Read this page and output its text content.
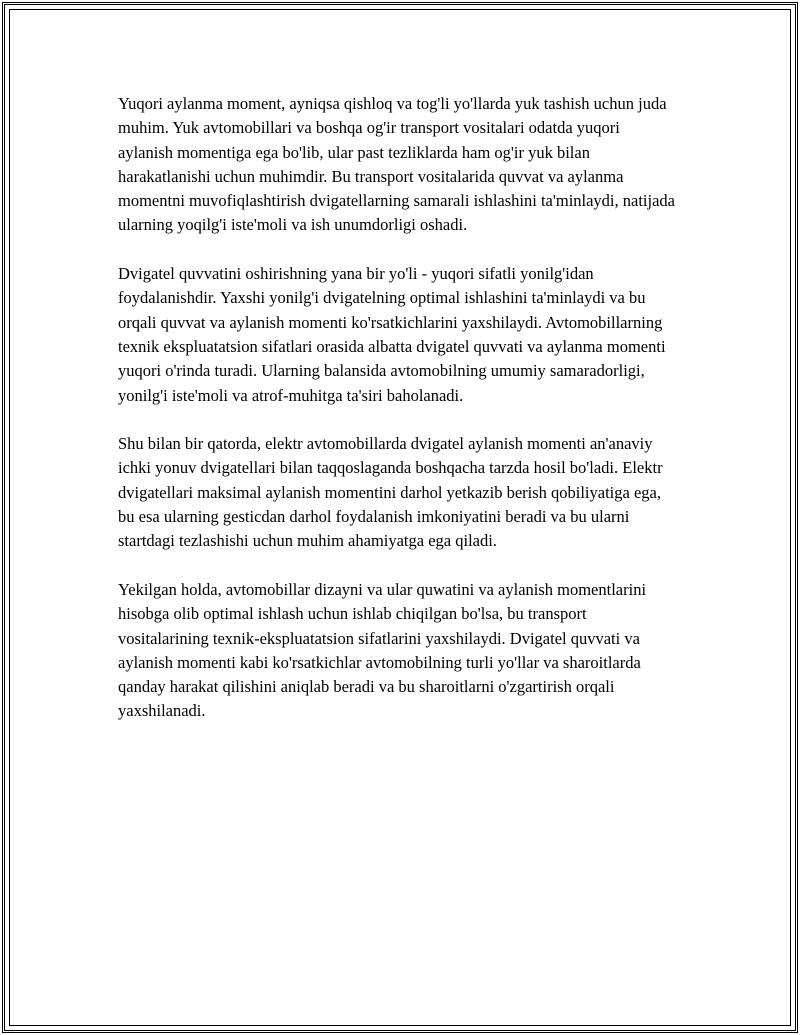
Yuqori aylanma moment, ayniqsa qishloq va tog'li yo'llarda yuk tashish uchun juda muhim. Yuk avtomobillari va boshqa og'ir transport vositalari odatda yuqori aylanish momentiga ega bo'lib, ular past tezliklarda ham og'ir yuk bilan harakatlanishi uchun muhimdir. Bu transport vositalarida quvvat va aylanma momentni muvofiqlashtirish dvigatellarning samarali ishlashini ta'minlaydi, natijada ularning yoqilg'i iste'moli va ish unumdorligi oshadi.

Dvigatel quvvatini oshirishning yana bir yo'li - yuqori sifatli yonilg'idan foydalanishdir. Yaxshi yonilg'i dvigatelning optimal ishlashini ta'minlaydi va bu orqali quvvat va aylanish momenti ko'rsatkichlarini yaxshilaydi. Avtomobillarning texnik ekspluatatsion sifatlari orasida albatta dvigatel quvvati va aylanma momenti yuqori o'rinda turadi. Ularning balansida avtomobilning umumiy samaradorligi, yonilg'i iste'moli va atrof-muhitga ta'siri baholanadi.

Shu bilan bir qatorda, elektr avtomobillarda dvigatel aylanish momenti an'anaviy ichki yonuv dvigatellari bilan taqqoslaganda boshqacha tarzda hosil bo'ladi. Elektr dvigatellari maksimal aylanish momentini darhol yetkazib berish qobiliyatiga ega, bu esa ularning gesticdan darhol foydalanish imkoniyatini beradi va bu ularni startdagi tezlashishi uchun muhim ahamiyatga ega qiladi.

Yekilgan holda, avtomobillar dizayni va ular quwatini va aylanish momentlarini hisobga olib optimal ishlash uchun ishlab chiqilgan bo'lsa, bu transport vositalarining texnik-ekspluatatsion sifatlarini yaxshilaydi. Dvigatel quvvati va aylanish momenti kabi ko'rsatkichlar avtomobilning turli yo'llar va sharoitlarda qanday harakat qilishini aniqlab beradi va bu sharoitlarni o'zgartirish orqali yaxshilanadi.
